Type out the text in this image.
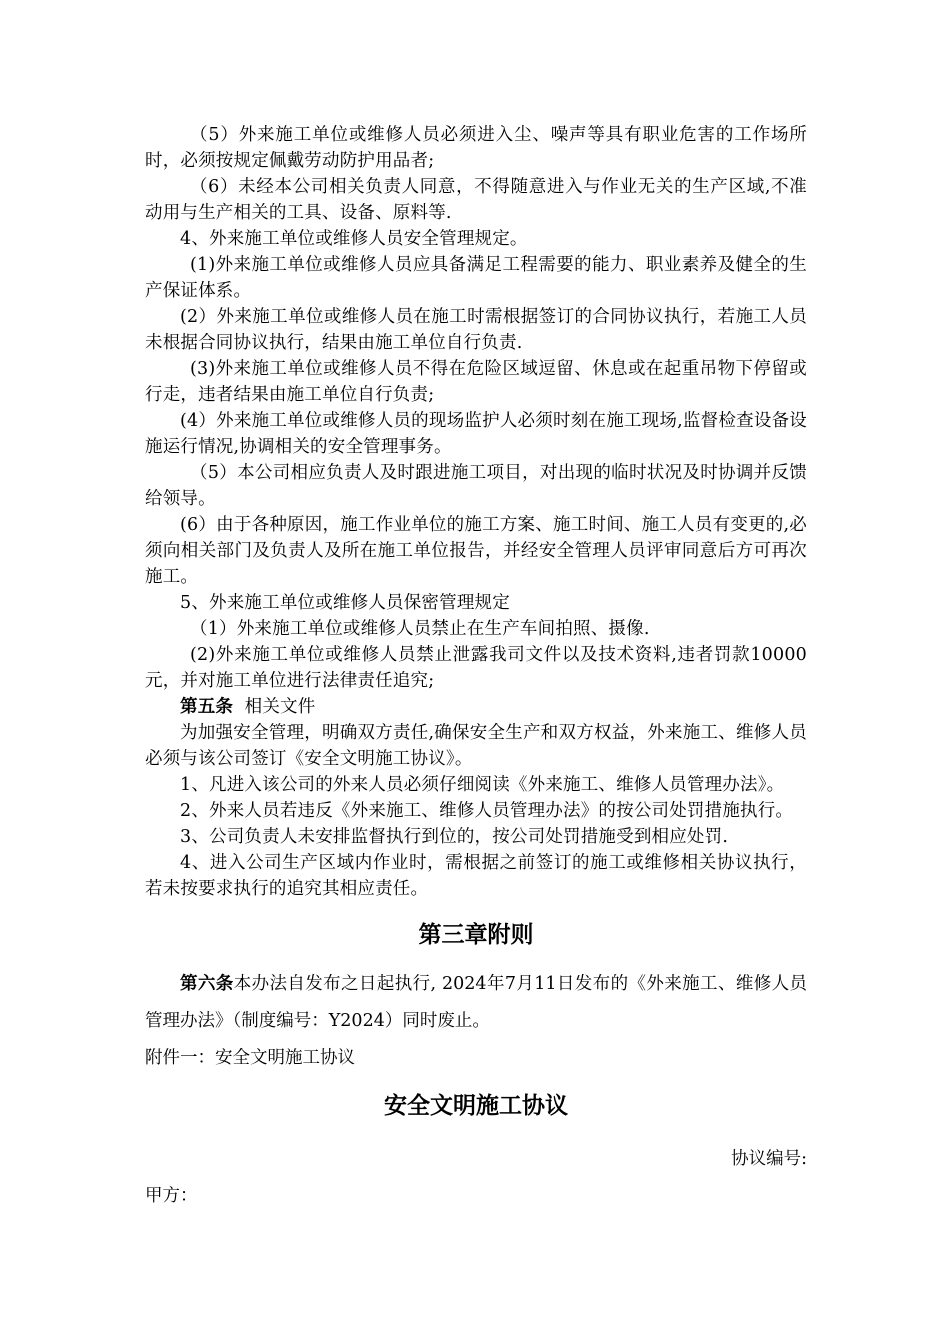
（5）外来施工单位或维修人员必须进入尘、噪声等具有职业危害的工作场所时，必须按规定佩戴劳动防护用品者;

（6）未经本公司相关负责人同意，不得随意进入与作业无关的生产区域,不准动用与生产相关的工具、设备、原料等.

4、外来施工单位或维修人员安全管理规定。

(1)外来施工单位或维修人员应具备满足工程需要的能力、职业素养及健全的生产保证体系。

(2）外来施工单位或维修人员在施工时需根据签订的合同协议执行，若施工人员未根据合同协议执行，结果由施工单位自行负责.

(3)外来施工单位或维修人员不得在危险区域逗留、休息或在起重吊物下停留或行走，违者结果由施工单位自行负责;

(4）外来施工单位或维修人员的现场监护人必须时刻在施工现场,监督检查设备设施运行情况,协调相关的安全管理事务。

（5）本公司相应负责人及时跟进施工项目，对出现的临时状况及时协调并反馈给领导。

(6）由于各种原因，施工作业单位的施工方案、施工时间、施工人员有变更的,必须向相关部门及负责人及所在施工单位报告，并经安全管理人员评审同意后方可再次施工。

5、外来施工单位或维修人员保密管理规定

（1）外来施工单位或维修人员禁止在生产车间拍照、摄像.

(2)外来施工单位或维修人员禁止泄露我司文件以及技术资料,违者罚款10000元，并对施工单位进行法律责任追究;

第五条 相关文件

为加强安全管理，明确双方责任,确保安全生产和双方权益，外来施工、维修人员必须与该公司签订《安全文明施工协议》。

1、凡进入该公司的外来人员必须仔细阅读《外来施工、维修人员管理办法》。

2、外来人员若违反《外来施工、维修人员管理办法》的按公司处罚措施执行。

3、公司负责人未安排监督执行到位的，按公司处罚措施受到相应处罚.

4、进入公司生产区域内作业时，需根据之前签订的施工或维修相关协议执行，若未按要求执行的追究其相应责任。

第三章附则

第六条本办法自发布之日起执行, 2024年7月11日发布的《外来施工、维修人员管理办法》（制度编号：Y2024）同时废止。

附件一：安全文明施工协议

安全文明施工协议

协议编号:

甲方：
